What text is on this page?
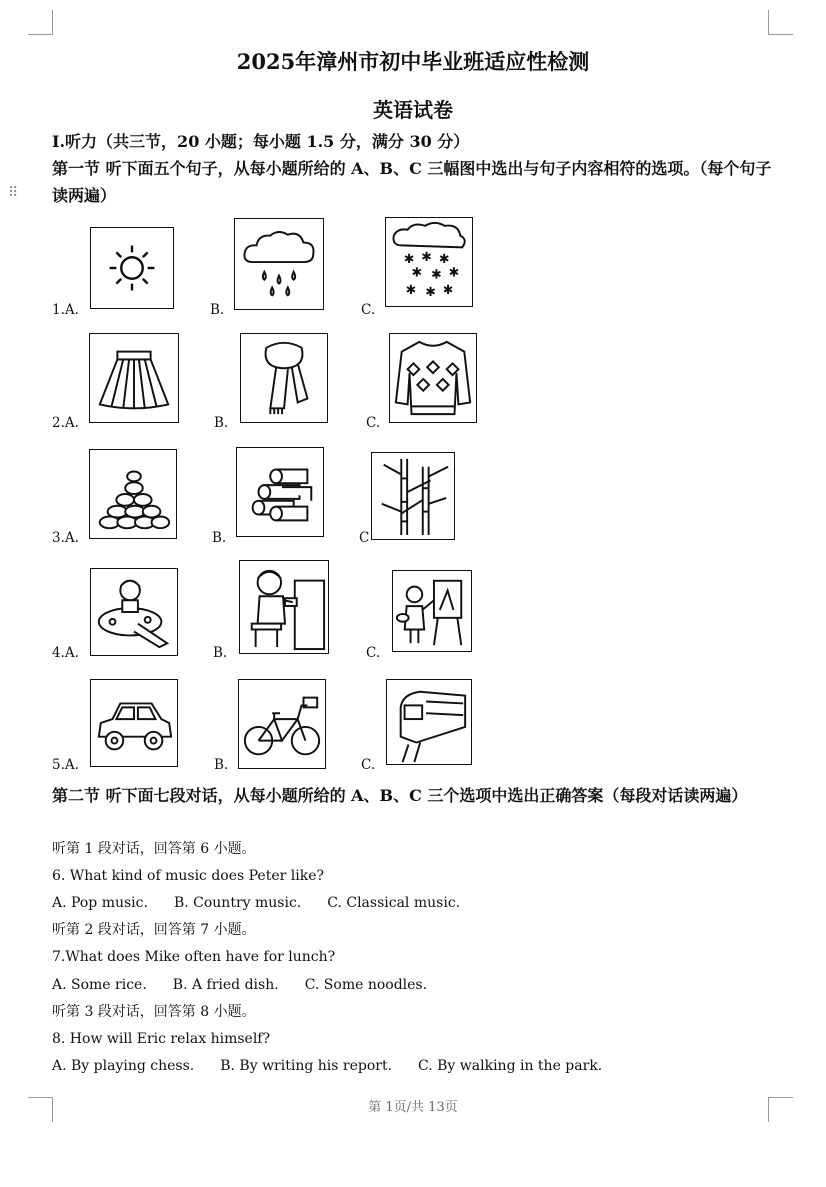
⠿
2025年漳州市初中毕业班适应性检测
英语试卷
Ⅰ.听力（共三节，20 小题；每小题 1.5 分，满分 30 分）
第一节 听下面五个句子，从每小题所给的 A、B、C 三幅图中选出与句子内容相符的选项。（每个句子读两遍）
✱ ✱ ✱
✱ ✱ ✱
✱ ✱ ✱
1.A.	B.	C.
2.A.	B.	C.
3.A.	B.	C
4.A.	B.	C.
5.A.	B.	C.
第二节 听下面七段对话，从每小题所给的 A、B、C 三个选项中选出正确答案（每段对话读两遍）
听第 1 段对话，回答第 6 小题。
6. What kind of music does Peter like?
A. Pop music. B. Country music. C. Classical music.
听第 2 段对话，回答第 7 小题。
7.What does Mike often have for lunch?
A. Some rice. B. A fried dish. C. Some noodles.
听第 3 段对话，回答第 8 小题。
8. How will Eric relax himself?
A. By playing chess. B. By writing his report. C. By walking in the park.
第 1页/共 13页
